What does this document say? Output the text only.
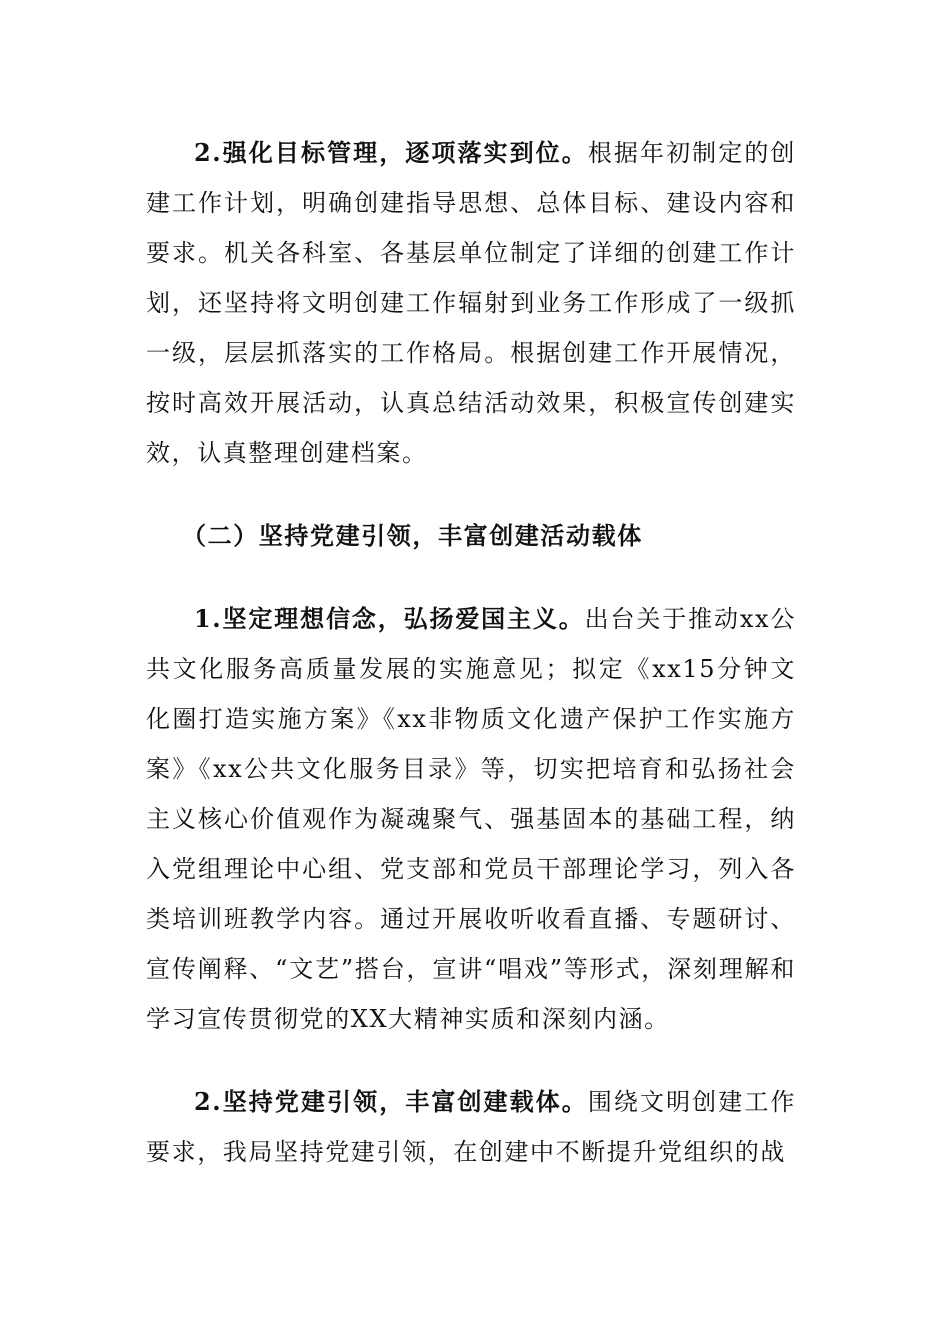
2.强化目标管理，逐项落实到位。根据年初制定的创建工作计划，明确创建指导思想、总体目标、建设内容和要求。机关各科室、各基层单位制定了详细的创建工作计划，还坚持将文明创建工作辐射到业务工作形成了一级抓一级，层层抓落实的工作格局。根据创建工作开展情况，按时高效开展活动，认真总结活动效果，积极宣传创建实效，认真整理创建档案。

（二）坚持党建引领，丰富创建活动载体

1.坚定理想信念，弘扬爱国主义。出台关于推动xx公共文化服务高质量发展的实施意见；拟定《xx15分钟文化圈打造实施方案》《xx非物质文化遗产保护工作实施方案》《xx公共文化服务目录》等，切实把培育和弘扬社会主义核心价值观作为凝魂聚气、强基固本的基础工程，纳入党组理论中心组、党支部和党员干部理论学习，列入各类培训班教学内容。通过开展收听收看直播、专题研讨、宣传阐释、“文艺”搭台，宣讲“唱戏”等形式，深刻理解和学习宣传贯彻党的XX大精神实质和深刻内涵。

2.坚持党建引领，丰富创建载体。围绕文明创建工作要求，我局坚持党建引领，在创建中不断提升党组织的战
